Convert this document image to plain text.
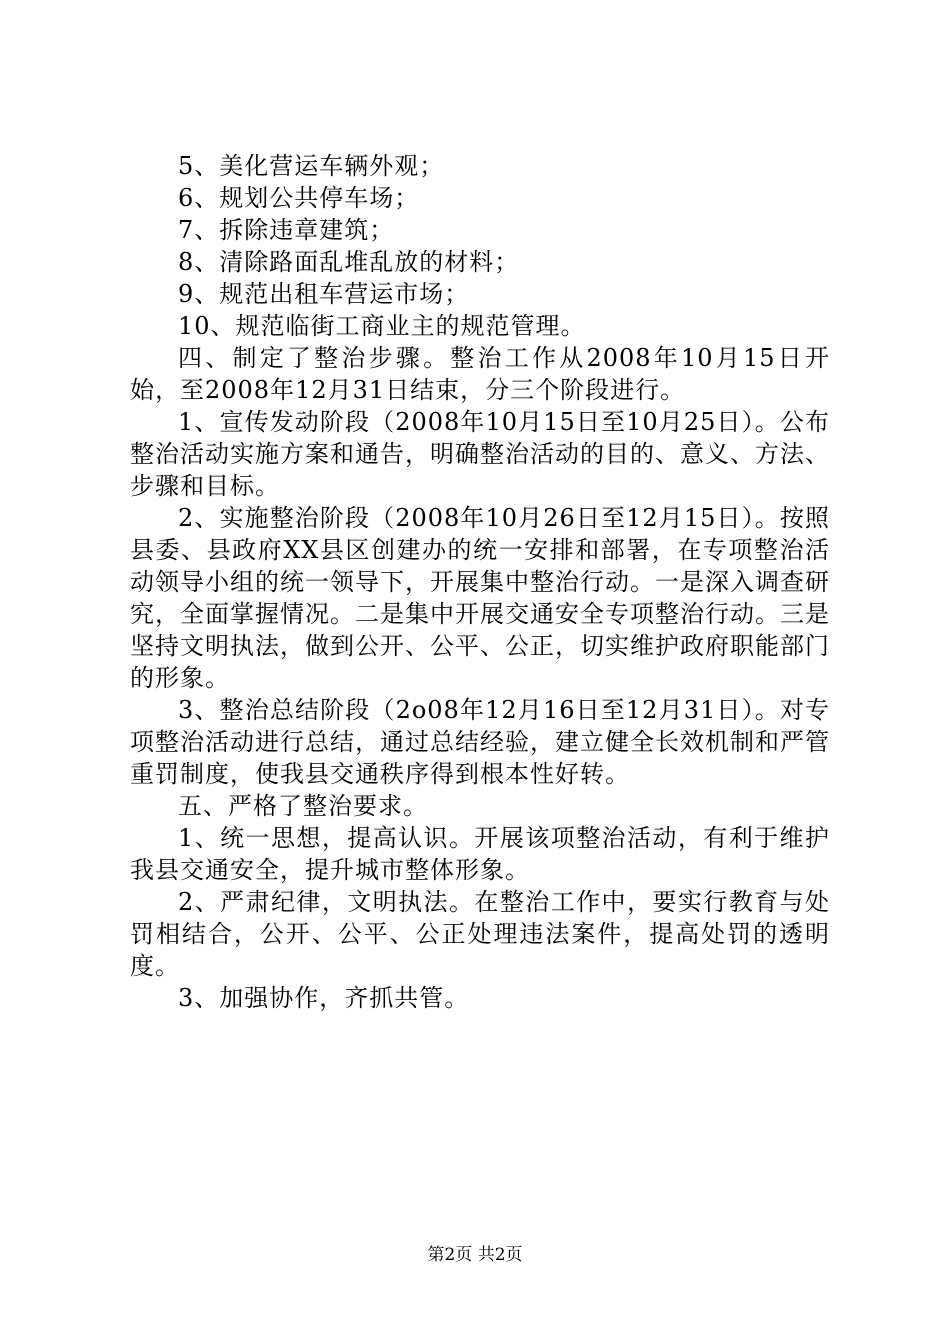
5、美化营运车辆外观；

6、规划公共停车场；

7、拆除违章建筑；

8、清除路面乱堆乱放的材料；

9、规范出租车营运市场；

10、规范临街工商业主的规范管理。

四、制定了整治步骤。整治工作从2008年10月15日开始，至2008年12月31日结束，分三个阶段进行。

1、宣传发动阶段（2008年10月15日至10月25日）。公布整治活动实施方案和通告，明确整治活动的目的、意义、方法、步骤和目标。

2、实施整治阶段（2008年10月26日至12月15日）。按照县委、县政府XX县区创建办的统一安排和部署，在专项整治活动领导小组的统一领导下，开展集中整治行动。一是深入调查研究，全面掌握情况。二是集中开展交通安全专项整治行动。三是坚持文明执法，做到公开、公平、公正，切实维护政府职能部门的形象。

3、整治总结阶段（2o08年12月16日至12月31日）。对专项整治活动进行总结，通过总结经验，建立健全长效机制和严管重罚制度，使我县交通秩序得到根本性好转。

五、严格了整治要求。

1、统一思想，提高认识。开展该项整治活动，有利于维护我县交通安全，提升城市整体形象。

2、严肃纪律，文明执法。在整治工作中，要实行教育与处罚相结合，公开、公平、公正处理违法案件，提高处罚的透明度。

3、加强协作，齐抓共管。

第2页 共2页
